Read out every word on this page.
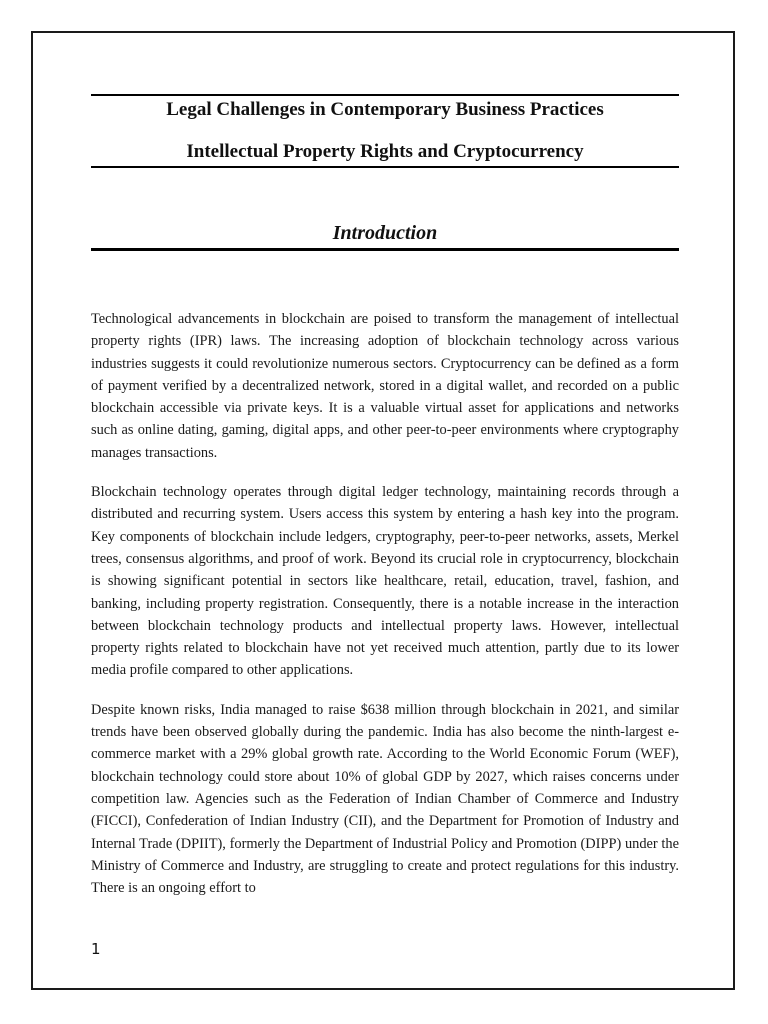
Legal Challenges in Contemporary Business Practices
Intellectual Property Rights and Cryptocurrency
Introduction

Technological advancements in blockchain are poised to transform the management of intellectual property rights (IPR) laws. The increasing adoption of blockchain technology across various industries suggests it could revolutionize numerous sectors. Cryptocurrency can be defined as a form of payment verified by a decentralized network, stored in a digital wallet, and recorded on a public blockchain accessible via private keys. It is a valuable virtual asset for applications and networks such as online dating, gaming, digital apps, and other peer-to-peer environments where cryptography manages transactions.

Blockchain technology operates through digital ledger technology, maintaining records through a distributed and recurring system. Users access this system by entering a hash key into the program. Key components of blockchain include ledgers, cryptography, peer-to-peer networks, assets, Merkel trees, consensus algorithms, and proof of work. Beyond its crucial role in cryptocurrency, blockchain is showing significant potential in sectors like healthcare, retail, education, travel, fashion, and banking, including property registration. Consequently, there is a notable increase in the interaction between blockchain technology products and intellectual property laws. However, intellectual property rights related to blockchain have not yet received much attention, partly due to its lower media profile compared to other applications.

Despite known risks, India managed to raise $638 million through blockchain in 2021, and similar trends have been observed globally during the pandemic. India has also become the ninth-largest e-commerce market with a 29% global growth rate. According to the World Economic Forum (WEF), blockchain technology could store about 10% of global GDP by 2027, which raises concerns under competition law. Agencies such as the Federation of Indian Chamber of Commerce and Industry (FICCI), Confederation of Indian Industry (CII), and the Department for Promotion of Industry and Internal Trade (DPIIT), formerly the Department of Industrial Policy and Promotion (DIPP) under the Ministry of Commerce and Industry, are struggling to create and protect regulations for this industry. There is an ongoing effort to

1
